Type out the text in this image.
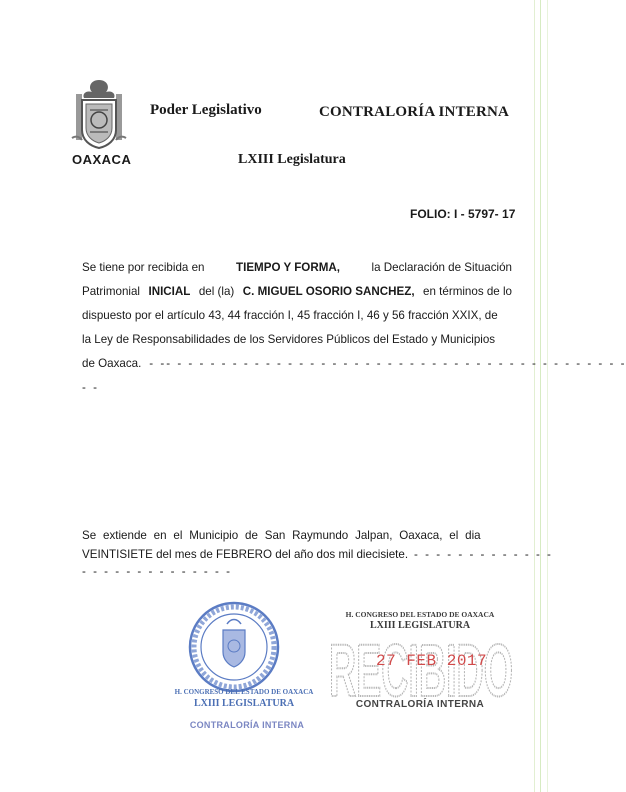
OAXACA
Poder Legislativo	CONTRALORÍA INTERNA
LXIII Legislatura
FOLIO: I - 5797- 17
Se tiene por recibida en	TIEMPO Y FORMA,	la Declaración de Situación
Patrimonial INICIAL del (la) C. MIGUEL OSORIO SANCHEZ, en términos de lo
dispuesto por el artículo 43, 44 fracción I, 45 fracción I, 46 y 56 fracción XXIX, de
la Ley de Responsabilidades de los Servidores Públicos del Estado y Municipios
de Oaxaca. - -- - - - - - - - - - - - - - - - - - - - - - - - - - - - - - - - - - - - - - - - - -
- -
Se extiende en el Municipio de San Raymundo Jalpan, Oaxaca, el dia
VEINTISIETE del mes de FEBRERO del año dos mil diecisiete. - - - - - - - - - - - - -
- - - - - - - - - - - - - -
H. CONGRESO DEL ESTADO DE OAXACA
LXIII LEGISLATURA
CONTRALORÍA INTERNA
H. CONGRESO DEL ESTADO DE OAXACA
LXIII LEGISLATURA
RECIBIDO
27 FEB 2017
CONTRALORÍA INTERNA
